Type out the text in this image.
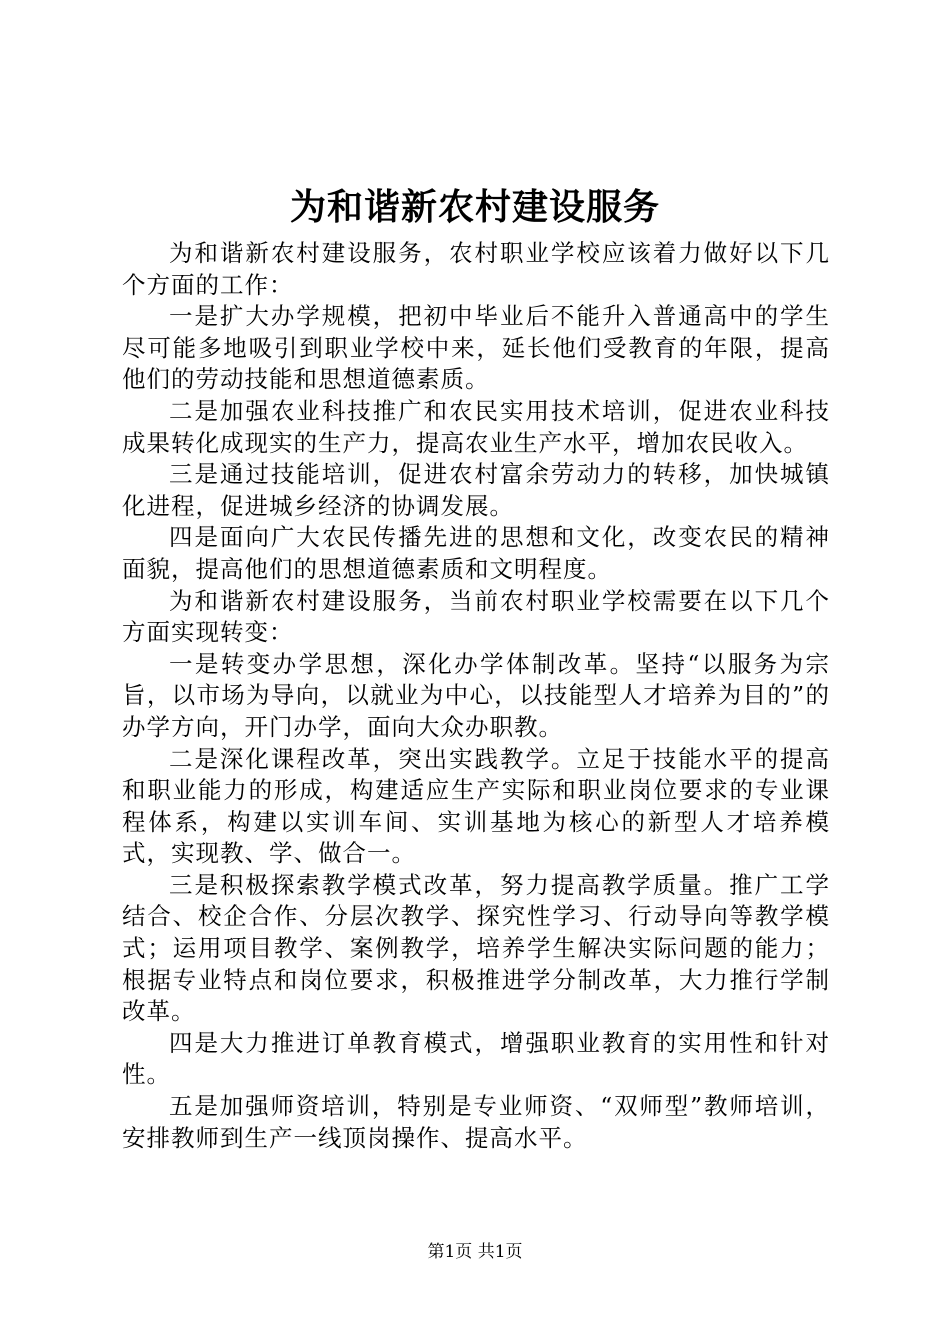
为和谐新农村建设服务

为和谐新农村建设服务，农村职业学校应该着力做好以下几个方面的工作：

一是扩大办学规模，把初中毕业后不能升入普通高中的学生尽可能多地吸引到职业学校中来，延长他们受教育的年限，提高他们的劳动技能和思想道德素质。

二是加强农业科技推广和农民实用技术培训，促进农业科技成果转化成现实的生产力，提高农业生产水平，增加农民收入。

三是通过技能培训，促进农村富余劳动力的转移，加快城镇化进程，促进城乡经济的协调发展。

四是面向广大农民传播先进的思想和文化，改变农民的精神面貌，提高他们的思想道德素质和文明程度。

为和谐新农村建设服务，当前农村职业学校需要在以下几个方面实现转变：

一是转变办学思想，深化办学体制改革。坚持“以服务为宗旨，以市场为导向，以就业为中心，以技能型人才培养为目的”的办学方向，开门办学，面向大众办职教。

二是深化课程改革，突出实践教学。立足于技能水平的提高和职业能力的形成，构建适应生产实际和职业岗位要求的专业课程体系，构建以实训车间、实训基地为核心的新型人才培养模式，实现教、学、做合一。

三是积极探索教学模式改革，努力提高教学质量。推广工学结合、校企合作、分层次教学、探究性学习、行动导向等教学模式；运用项目教学、案例教学，培养学生解决实际问题的能力；根据专业特点和岗位要求，积极推进学分制改革，大力推行学制改革。

四是大力推进订单教育模式，增强职业教育的实用性和针对性。

五是加强师资培训，特别是专业师资、“双师型”教师培训，安排教师到生产一线顶岗操作、提高水平。

第1页 共1页
